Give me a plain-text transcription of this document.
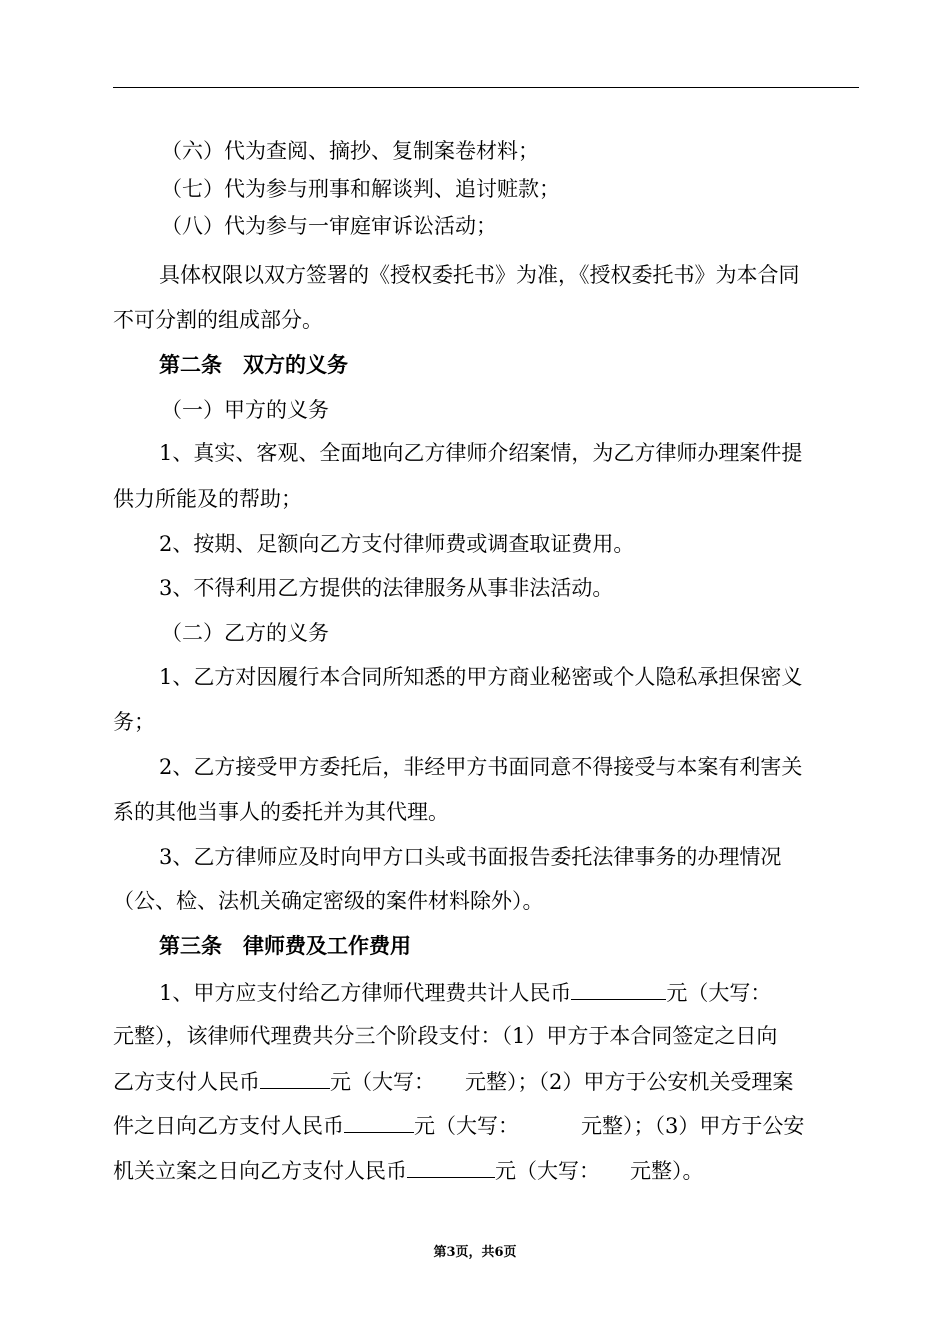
（六）代为查阅、摘抄、复制案卷材料；
（七）代为参与刑事和解谈判、追讨赃款；
（八）代为参与一审庭审诉讼活动；
具体权限以双方签署的《授权委托书》为准，《授权委托书》为本合同
不可分割的组成部分。
第二条　双方的义务
（一）甲方的义务
1、真实、客观、全面地向乙方律师介绍案情，为乙方律师办理案件提
供力所能及的帮助；
2、按期、足额向乙方支付律师费或调查取证费用。
3、不得利用乙方提供的法律服务从事非法活动。
（二）乙方的义务
1、乙方对因履行本合同所知悉的甲方商业秘密或个人隐私承担保密义
务；
2、乙方接受甲方委托后，非经甲方书面同意不得接受与本案有利害关
系的其他当事人的委托并为其代理。
3、乙方律师应及时向甲方口头或书面报告委托法律事务的办理情况
（公、检、法机关确定密级的案件材料除外）。
第三条　律师费及工作费用
1、甲方应支付给乙方律师代理费共计人民币	元（大写：
元整），该律师代理费共分三个阶段支付：（1）甲方于本合同签定之日向
乙方支付人民币	元（大写： 元整）；（2）甲方于公安机关受理案
件之日向乙方支付人民币	元（大写：	元整）；（3）甲方于公安
机关立案之日向乙方支付人民币	元（大写： 元整）。
第3页，共6页
